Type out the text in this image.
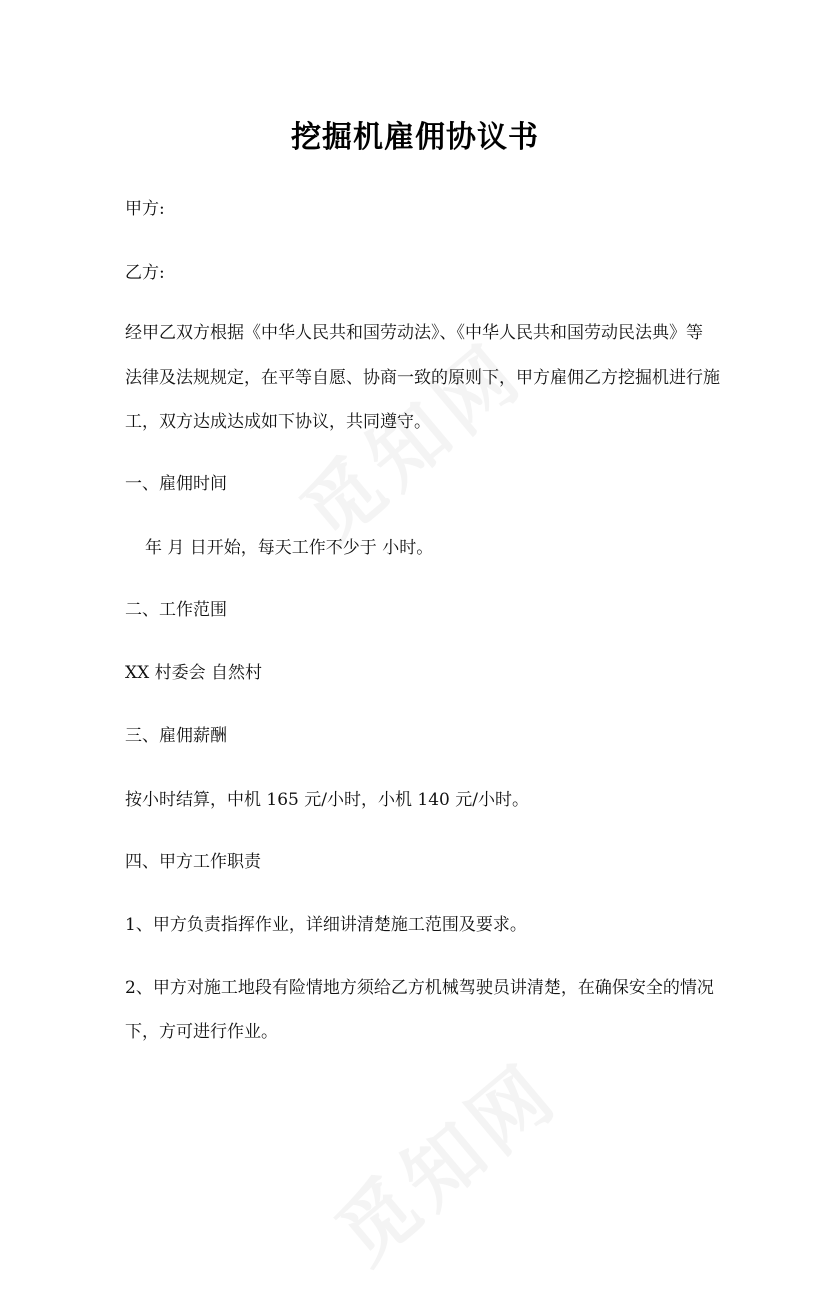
挖掘机雇佣协议书
甲方:
乙方:
经甲乙双方根据《中华人民共和国劳动法》、《中华人民共和国劳动民法典》等
法律及法规规定，在平等自愿、协商一致的原则下，甲方雇佣乙方挖掘机进行施
工，双方达成达成如下协议，共同遵守。
一、雇佣时间
年 月 日开始，每天工作不少于 小时。
二、工作范围
XX 村委会 自然村
三、雇佣薪酬
按小时结算，中机 165 元/小时，小机 140 元/小时。
四、甲方工作职责
1、甲方负责指挥作业，详细讲清楚施工范围及要求。
2、甲方对施工地段有险情地方须给乙方机械驾驶员讲清楚，在确保安全的情况
下，方可进行作业。
